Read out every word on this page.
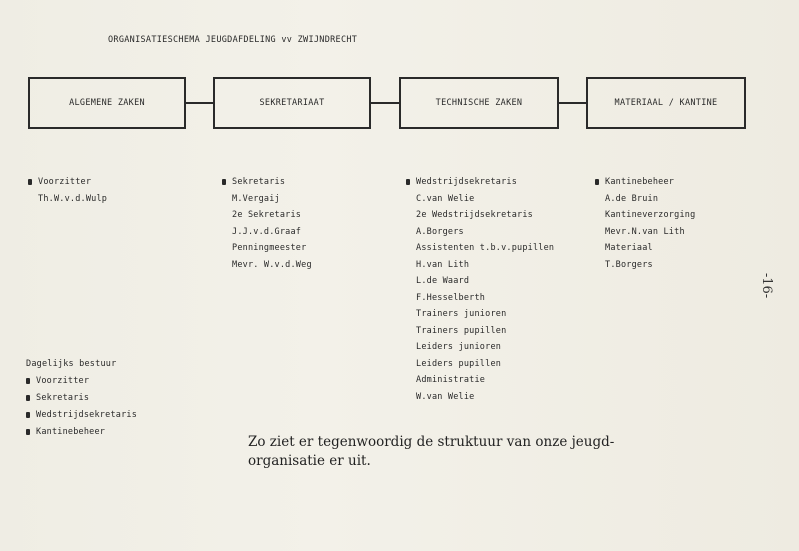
ORGANISATIESCHEMA JEUGDAFDELING vv ZWIJNDRECHT
ALGEMENE ZAKEN	SEKRETARIAAT	TECHNISCHE ZAKEN	MATERIAAL / KANTINE
Voorzitter
Th.W.v.d.Wulp
Sekretaris
M.Vergaij
2e Sekretaris
J.J.v.d.Graaf
Penningmeester
Mevr. W.v.d.Weg
Wedstrijdsekretaris
C.van Welie
2e Wedstrijdsekretaris
A.Borgers
Assistenten t.b.v.pupillen
H.van Lith
L.de Waard
F.Hesselberth
Trainers junioren
Trainers pupillen
Leiders junioren
Leiders pupillen
Administratie
W.van Welie
Kantinebeheer
A.de Bruin
Kantineverzorging
Mevr.N.van Lith
Materiaal
T.Borgers
Dagelijks bestuur
Voorzitter
Sekretaris
Wedstrijdsekretaris
Kantinebeheer
Zo ziet er tegenwoordig de struktuur van onze jeugd-organisatie er uit.
-16-
